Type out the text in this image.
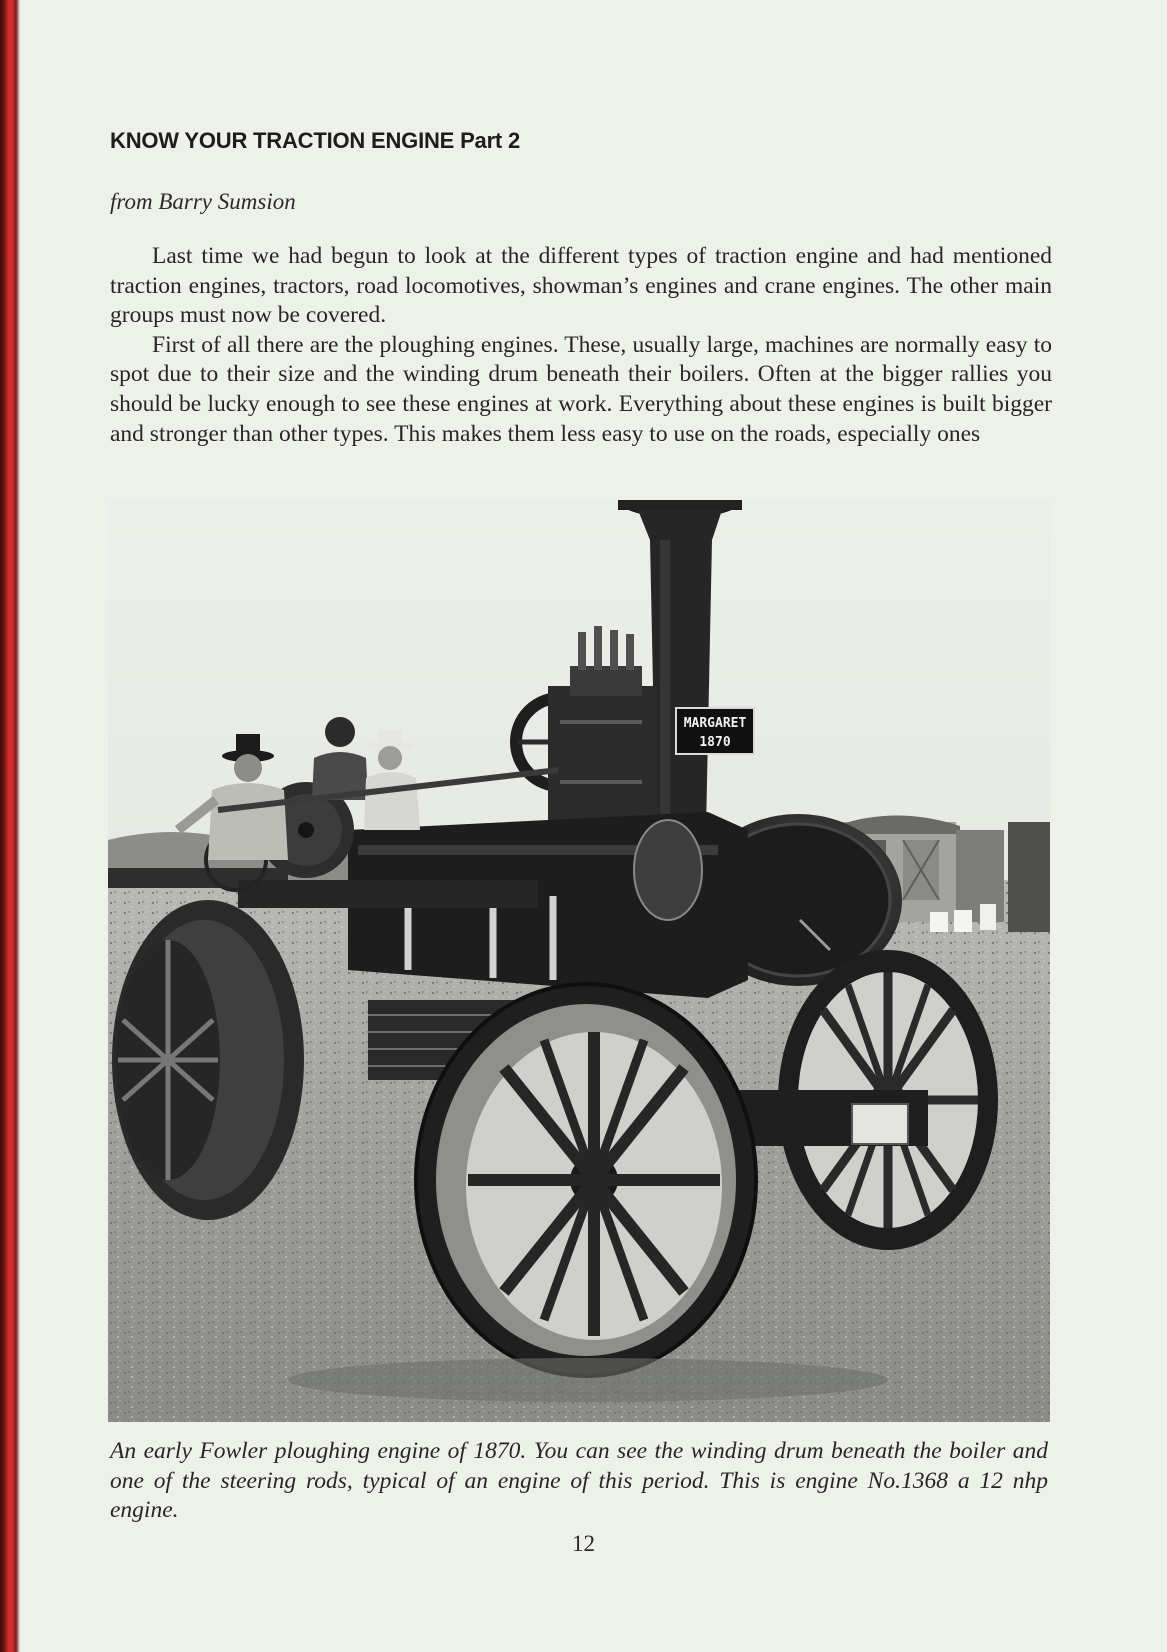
KNOW YOUR TRACTION ENGINE Part 2

from Barry Sumsion

Last time we had begun to look at the different types of traction engine and had mentioned traction engines, tractors, road locomotives, showman’s engines and crane engines. The other main groups must now be covered.

First of all there are the ploughing engines. These, usually large, machines are normally easy to spot due to their size and the winding drum beneath their boilers. Often at the bigger rallies you should be lucky enough to see these engines at work. Everything about these engines is built bigger and stronger than other types. This makes them less easy to use on the roads, especially ones

MARGARET
1870

An early Fowler ploughing engine of 1870. You can see the winding drum beneath the boiler and one of the steering rods, typical of an engine of this period. This is engine No.1368 a 12 nhp engine.

12
